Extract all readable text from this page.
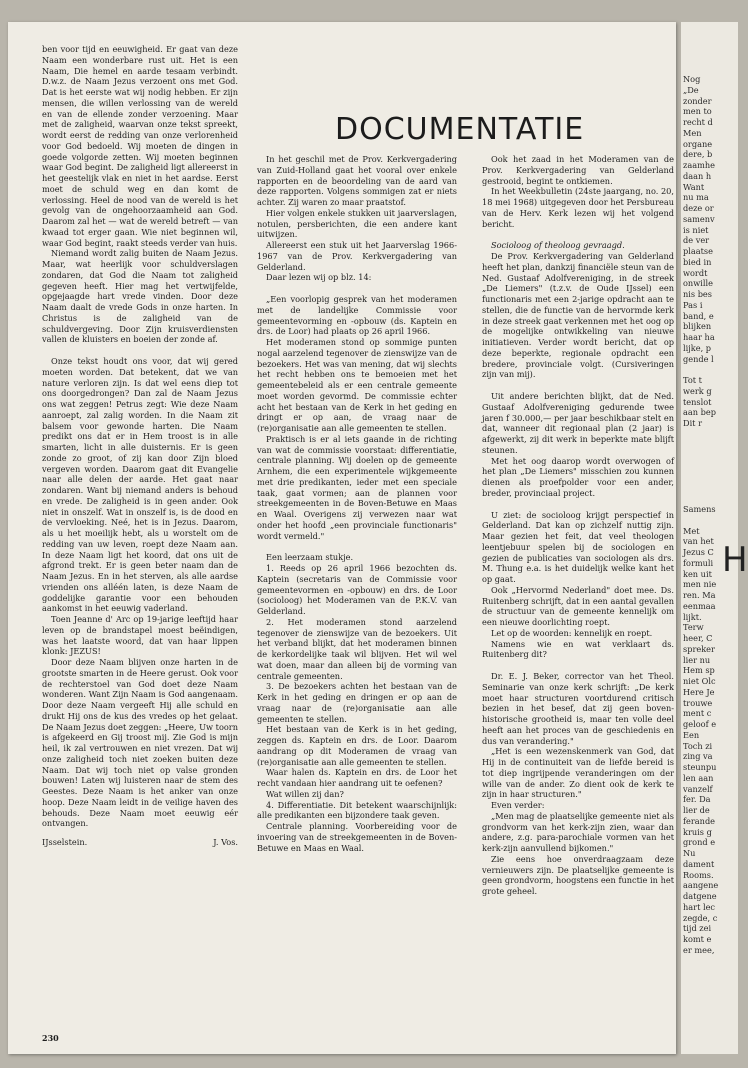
Nog

„De

zonder

men to

recht d

Men

organe

dere, b

zaamhe

daan h

Want

nu ma

deze or

samenv

is niet

de ver

plaatse

bied in

wordt

onwille

nis bes

Pas i

band, e

blijken

haar ha

lijke, p

gende l

Tot t

werk g

tenslot

aan bep

Dit r

Samens

Met

van het

Jezus C

formuli

ken uit

men nie

ren. Ma

eenmaa

lijkt.

Terw

heer, C

spreker

lier nu

Hem sp

niet Olc

Here Je

trouwe

ment c

geloof e

Een

Toch zi

zing va

steunpu

len aan

vanzelf

fer. Da

lier de

ferande

kruis g

grond e

Nu

dament

Rooms.

aangene

datgene

hart lec

zegde, c

tijd zei

komt e

er mee,

H
DOCUMENTATIE

ben voor tijd en eeuwigheid. Er gaat van deze Naam een wonderbare rust uit. Het is een Naam, Die hemel en aarde tesaam verbindt. D.w.z. de Naam Jezus verzoent ons met God. Dat is het eerste wat wij nodig hebben. Er zijn mensen, die willen verlossing van de wereld en van de ellende zonder verzoening. Maar met de zaligheid, waarvan onze tekst spreekt, wordt eerst de redding van onze verlorenheid voor God bedoeld. Wij moeten de dingen in goede volgorde zetten. Wij moeten beginnen waar God begint. De zaligheid ligt allereerst in het geestelijk vlak en niet in het aardse. Eerst moet de schuld weg en dan komt de verlossing. Heel de nood van de wereld is het gevolg van de ongehoorzaamheid aan God. Daarom zal het — wat de wereld betreft — van kwaad tot erger gaan. Wie niet beginnen wil, waar God begint, raakt steeds verder van huis.

Niemand wordt zalig buiten de Naam Jezus. Maar, wat heerlijk voor schuldverslagen zondaren, dat God die Naam tot zaligheid gegeven heeft. Hier mag het vertwijfelde, opgejaagde hart vrede vinden. Door deze Naam daalt de vrede Gods in onze harten. In Christus is de zaligheid van de schuldvergeving. Door Zijn kruisverdiensten vallen de kluisters en boeien der zonde af.

Onze tekst houdt ons voor, dat wij gered moeten worden. Dat betekent, dat we van nature verloren zijn. Is dat wel eens diep tot ons doorgedrongen? Dan zal de Naam Jezus ons wat zeggen! Petrus zegt: Wie deze Naam aanroept, zal zalig worden. In die Naam zit balsem voor gewonde harten. Die Naam predikt ons dat er in Hem troost is in alle smarten, licht in alle duisternis. Er is geen zonde zo groot, of zij kan door Zijn bloed vergeven worden. Daarom gaat dit Evangelie naar alle delen der aarde. Het gaat naar zondaren. Want bij niemand anders is behoud en vrede. De zaligheid is in geen ander. Ook niet in onszelf. Wat in onszelf is, is de dood en de vervloeking. Neé, het is in Jezus. Daarom, als u het moeilijk hebt, als u worstelt om de redding van uw leven, roept deze Naam aan. In deze Naam ligt het koord, dat ons uit de afgrond trekt. Er is geen beter naam dan de Naam Jezus. En in het sterven, als alle aardse vrienden ons alléén laten, is deze Naam de goddelijke garantie voor een behouden aankomst in het eeuwig vaderland.

Toen Jeanne d' Arc op 19-jarige leeftijd haar leven op de brandstapel moest beëindigen, was het laatste woord, dat van haar lippen klonk: JEZUS!

Door deze Naam blijven onze harten in de grootste smarten in de Heere gerust. Ook voor de rechterstoel van God doet deze Naam wonderen. Want Zijn Naam is God aangenaam. Door deze Naam vergeeft Hij alle schuld en drukt Hij ons de kus des vredes op het gelaat. De Naam Jezus doet zeggen: „Heere, Uw toorn is afgekeerd en Gij troost mij. Zie God is mijn heil, ik zal vertrouwen en niet vrezen. Dat wij onze zaligheid toch niet zoeken buiten deze Naam. Dat wij toch niet op valse gronden bouwen! Laten wij luisteren naar de stem des Geestes. Deze Naam is het anker van onze hoop. Deze Naam leidt in de veilige haven des behouds. Deze Naam moet eeuwig eér ontvangen.

IJsselstein.	J. Vos.

In het geschil met de Prov. Kerkvergadering van Zuid-Holland gaat het vooral over enkele rapporten en de beoordeling van de aard van deze rapporten. Volgens sommigen zat er niets achter. Zij waren zo maar praatstof.

Hier volgen enkele stukken uit jaarverslagen, notulen, persberichten, die een andere kant uitwijzen.

Allereerst een stuk uit het Jaarverslag 1966-1967 van de Prov. Kerkvergadering van Gelderland.

Daar lezen wij op blz. 14:

„Een voorlopig gesprek van het moderamen met de landelijke Commissie voor gemeentevorming en -opbouw (ds. Kaptein en drs. de Loor) had plaats op 26 april 1966.

Het moderamen stond op sommige punten nogal aarzelend tegenover de zienswijze van de bezoekers. Het was van mening, dat wij slechts het recht hebben ons te bemoeien met het gemeentebeleid als er een centrale gemeente moet worden gevormd. De commissie echter acht het bestaan van de Kerk in het geding en dringt er op aan, de vraag naar de (re)organisatie aan alle gemeenten te stellen.

Praktisch is er al iets gaande in de richting van wat de commissie voorstaat: differentiatie, centrale planning. Wij doelen op de gemeente Arnhem, die een experimentele wijkgemeente met drie predikanten, ieder met een speciale taak, gaat vormen; aan de plannen voor streekgemeenten in de Boven-Betuwe en Maas en Waal. Overigens zij verwezen naar wat onder het hoofd „een provinciale functionaris" wordt vermeld."

Een leerzaam stukje.

1. Reeds op 26 april 1966 bezochten ds. Kaptein (secretaris van de Commissie voor gemeentevormen en -opbouw) en drs. de Loor (socioloog) het Moderamen van de P.K.V. van Gelderland.

2. Het moderamen stond aarzelend tegenover de zienswijze van de bezoekers. Uit het verband blijkt, dat het moderamen binnen de kerkordelijke taak wil blijven. Het wil wel wat doen, maar dan alleen bij de vorming van centrale gemeenten.

3. De bezoekers achten het bestaan van de Kerk in het geding en dringen er op aan de vraag naar de (re)organisatie aan alle gemeenten te stellen.

Het bestaan van de Kerk is in het geding, zeggen ds. Kaptein en drs. de Loor. Daarom aandrang op dit Moderamen de vraag van (re)organisatie aan alle gemeenten te stellen.

Waar halen ds. Kaptein en drs. de Loor het recht vandaan hier aandrang uit te oefenen?

Wat willen zij dan?

4. Differentiatie. Dit betekent waarschijnlijk: alle predikanten een bijzondere taak geven.

Centrale planning. Voorbereiding voor de invoering van de streekgemeenten in de Boven-Betuwe en Maas en Waal.

Ook het zaad in het Moderamen van de Prov. Kerkvergadering van Gelderland gestrooid, begint te ontkiemen.

In het Weekbulletin (24ste jaargang, no. 20, 18 mei 1968) uitgegeven door het Persbureau van de Herv. Kerk lezen wij het volgend bericht.

Socioloog of theoloog gevraagd.

De Prov. Kerkvergadering van Gelderland heeft het plan, dankzij financiële steun van de Ned. Gustaaf Adolfvereniging, in de streek „De Liemers" (t.z.v. de Oude IJssel) een functionaris met een 2-jarige opdracht aan te stellen, die de functie van de hervormde kerk in deze streek gaat verkennen met het oog op de mogelijke ontwikkeling van nieuwe initiatieven. Verder wordt bericht, dat op deze beperkte, regionale opdracht een bredere, provinciale volgt. (Cursiveringen zijn van mij).

Uit andere berichten blijkt, dat de Ned. Gustaaf Adolfvereniging gedurende twee jaren f 30.000,— per jaar beschikbaar stelt en dat, wanneer dit regionaal plan (2 jaar) is afgewerkt, zij dit werk in beperkte mate blijft steunen.

Met het oog daarop wordt overwogen of het plan „De Liemers" misschien zou kunnen dienen als proefpolder voor een ander, breder, provinciaal project.

U ziet: de socioloog krijgt perspectief in Gelderland. Dat kan op zichzelf nuttig zijn. Maar gezien het feit, dat veel theologen leentjebuur spelen bij de sociologen en gezien de publicaties van sociologen als drs. M. Thung e.a. is het duidelijk welke kant het op gaat.

Ook „Hervormd Nederland" doet mee. Ds. Ruitenberg schrijft, dat in een aantal gevallen de structuur van de gemeente kennelijk om een nieuwe doorlichting roept.

Let op de woorden: kennelijk en roept.

Namens wie en wat verklaart ds. Ruitenberg dit?

Dr. E. J. Beker, corrector van het Theol. Seminarie van onze kerk schrijft: „De kerk moet haar structuren voortdurend critisch bezien in het besef, dat zij geen boven-historische grootheid is, maar ten volle deel heeft aan het proces van de geschiedenis en dus van verandering."

„Het is een wezenskenmerk van God, dat Hij in de continuiteit van de liefde bereid is tot diep ingrijpende veranderingen om der wille van de ander. Zo dient ook de kerk te zijn in haar structuren."

Even verder:

„Men mag de plaatselijke gemeente niet als grondvorm van het kerk-zijn zien, waar dan andere, z.g. para-parochiale vormen van het kerk-zijn aanvullend bijkomen."

Zie eens hoe onverdraagzaam deze vernieuwers zijn. De plaatselijke gemeente is geen grondvorm, hoogstens een functie in het grote geheel.

230
